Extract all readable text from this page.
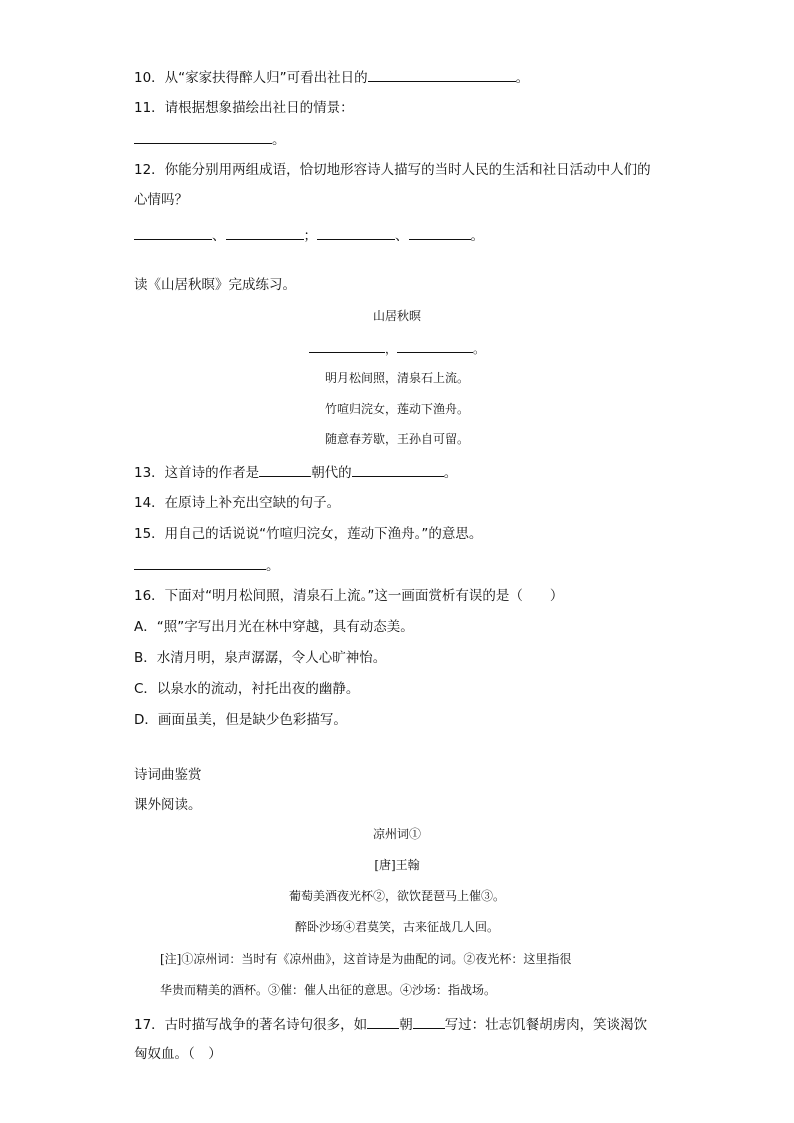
10．从“家家扶得醉人归”可看出社日的	。
11．请根据想象描绘出社日的情景：
。
12．你能分别用两组成语，恰切地形容诗人描写的当时人民的生活和社日活动中人们的
心情吗？
、	；	、	。
读《山居秋暝》完成练习。
山居秋暝
，	。
明月松间照，清泉石上流。
竹喧归浣女，莲动下渔舟。
随意春芳歇，王孙自可留。
13．这首诗的作者是	朝代的	。
14．在原诗上补充出空缺的句子。
15．用自己的话说说“竹喧归浣女，莲动下渔舟。”的意思。
。
16．下面对“明月松间照，清泉石上流。”这一画面赏析有误的是（　　）
A．“照”字写出月光在林中穿越，具有动态美。
B．水清月明，泉声潺潺，令人心旷神怡。
C．以泉水的流动，衬托出夜的幽静。
D．画面虽美，但是缺少色彩描写。
诗词曲鉴赏
课外阅读。
凉州词①
[唐]王翰
葡萄美酒夜光杯②，欲饮琵琶马上催③。
醉卧沙场④君莫笑，古来征战几人回。
[注]①凉州词：当时有《凉州曲》，这首诗是为曲配的词。②夜光杯：这里指很
华贵而精美的酒杯。③催：催人出征的意思。④沙场：指战场。
17．古时描写战争的著名诗句很多，如 朝 写过：壮志饥餐胡虏肉，笑谈渴饮
匈奴血。（　）
